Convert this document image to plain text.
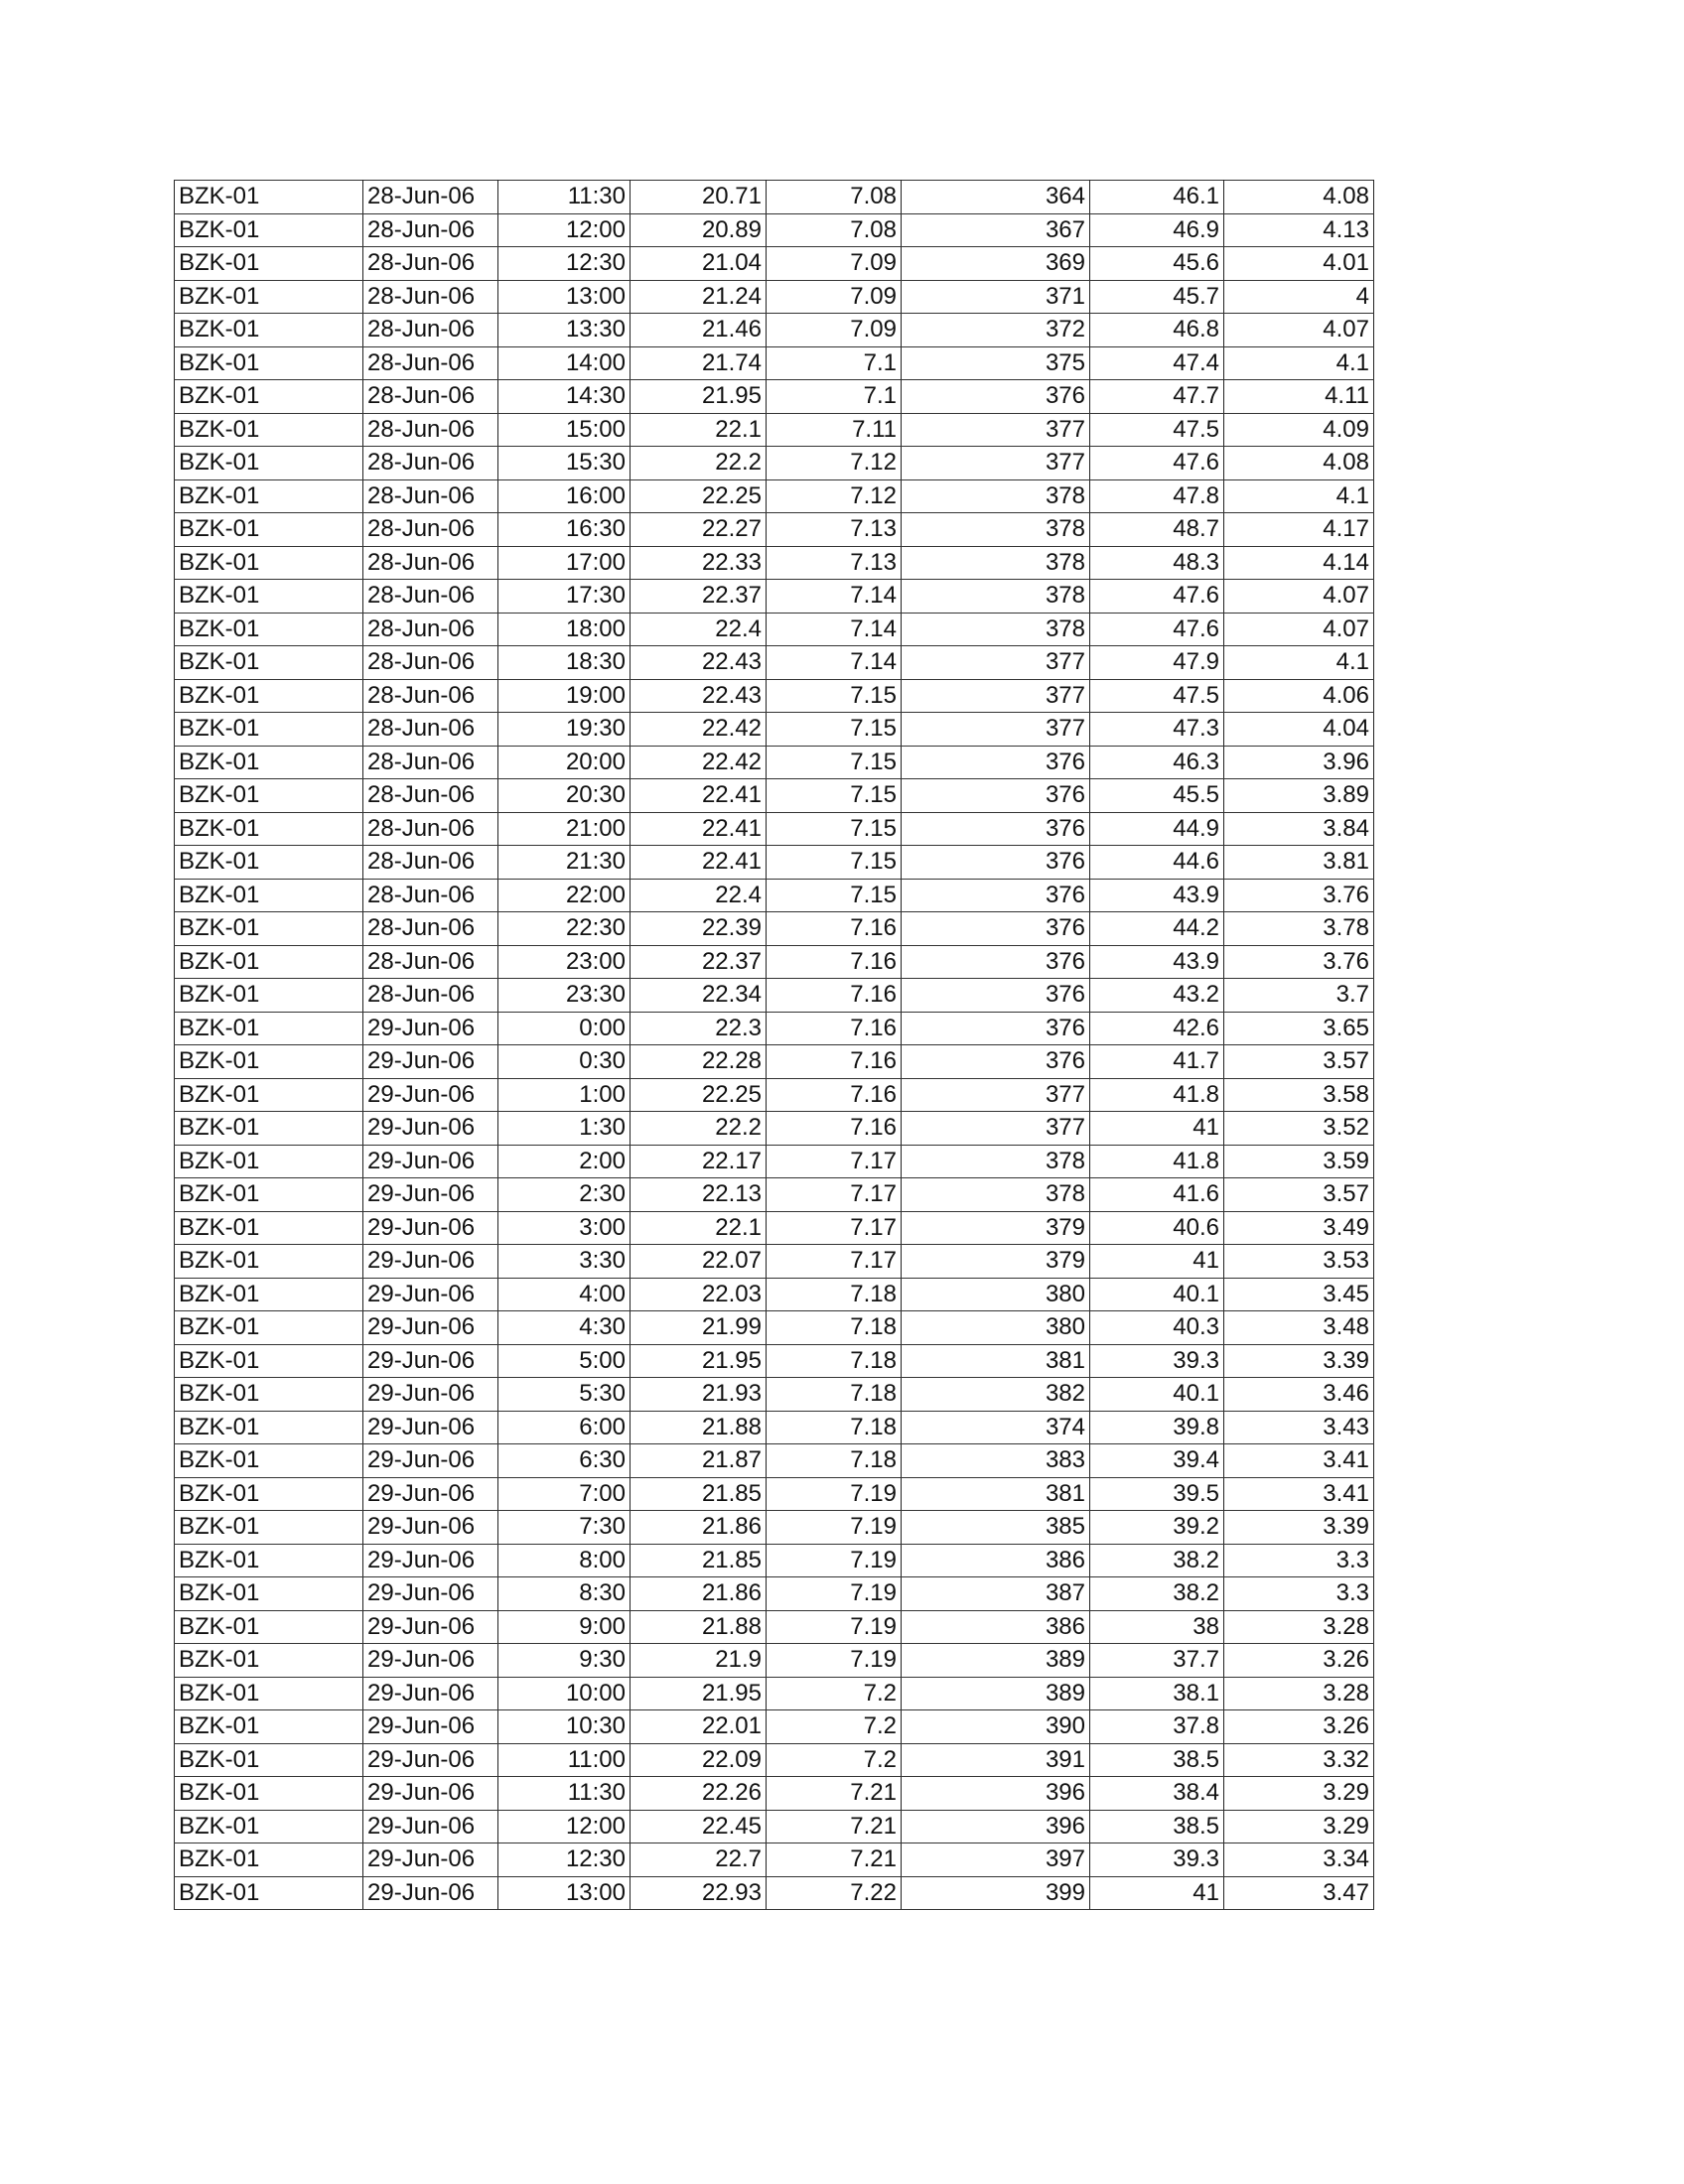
BZK-01	28-Jun-06	11:30	20.71	7.08	364	46.1	4.08
BZK-01	28-Jun-06	12:00	20.89	7.08	367	46.9	4.13
BZK-01	28-Jun-06	12:30	21.04	7.09	369	45.6	4.01
BZK-01	28-Jun-06	13:00	21.24	7.09	371	45.7	4
BZK-01	28-Jun-06	13:30	21.46	7.09	372	46.8	4.07
BZK-01	28-Jun-06	14:00	21.74	7.1	375	47.4	4.1
BZK-01	28-Jun-06	14:30	21.95	7.1	376	47.7	4.11
BZK-01	28-Jun-06	15:00	22.1	7.11	377	47.5	4.09
BZK-01	28-Jun-06	15:30	22.2	7.12	377	47.6	4.08
BZK-01	28-Jun-06	16:00	22.25	7.12	378	47.8	4.1
BZK-01	28-Jun-06	16:30	22.27	7.13	378	48.7	4.17
BZK-01	28-Jun-06	17:00	22.33	7.13	378	48.3	4.14
BZK-01	28-Jun-06	17:30	22.37	7.14	378	47.6	4.07
BZK-01	28-Jun-06	18:00	22.4	7.14	378	47.6	4.07
BZK-01	28-Jun-06	18:30	22.43	7.14	377	47.9	4.1
BZK-01	28-Jun-06	19:00	22.43	7.15	377	47.5	4.06
BZK-01	28-Jun-06	19:30	22.42	7.15	377	47.3	4.04
BZK-01	28-Jun-06	20:00	22.42	7.15	376	46.3	3.96
BZK-01	28-Jun-06	20:30	22.41	7.15	376	45.5	3.89
BZK-01	28-Jun-06	21:00	22.41	7.15	376	44.9	3.84
BZK-01	28-Jun-06	21:30	22.41	7.15	376	44.6	3.81
BZK-01	28-Jun-06	22:00	22.4	7.15	376	43.9	3.76
BZK-01	28-Jun-06	22:30	22.39	7.16	376	44.2	3.78
BZK-01	28-Jun-06	23:00	22.37	7.16	376	43.9	3.76
BZK-01	28-Jun-06	23:30	22.34	7.16	376	43.2	3.7
BZK-01	29-Jun-06	0:00	22.3	7.16	376	42.6	3.65
BZK-01	29-Jun-06	0:30	22.28	7.16	376	41.7	3.57
BZK-01	29-Jun-06	1:00	22.25	7.16	377	41.8	3.58
BZK-01	29-Jun-06	1:30	22.2	7.16	377	41	3.52
BZK-01	29-Jun-06	2:00	22.17	7.17	378	41.8	3.59
BZK-01	29-Jun-06	2:30	22.13	7.17	378	41.6	3.57
BZK-01	29-Jun-06	3:00	22.1	7.17	379	40.6	3.49
BZK-01	29-Jun-06	3:30	22.07	7.17	379	41	3.53
BZK-01	29-Jun-06	4:00	22.03	7.18	380	40.1	3.45
BZK-01	29-Jun-06	4:30	21.99	7.18	380	40.3	3.48
BZK-01	29-Jun-06	5:00	21.95	7.18	381	39.3	3.39
BZK-01	29-Jun-06	5:30	21.93	7.18	382	40.1	3.46
BZK-01	29-Jun-06	6:00	21.88	7.18	374	39.8	3.43
BZK-01	29-Jun-06	6:30	21.87	7.18	383	39.4	3.41
BZK-01	29-Jun-06	7:00	21.85	7.19	381	39.5	3.41
BZK-01	29-Jun-06	7:30	21.86	7.19	385	39.2	3.39
BZK-01	29-Jun-06	8:00	21.85	7.19	386	38.2	3.3
BZK-01	29-Jun-06	8:30	21.86	7.19	387	38.2	3.3
BZK-01	29-Jun-06	9:00	21.88	7.19	386	38	3.28
BZK-01	29-Jun-06	9:30	21.9	7.19	389	37.7	3.26
BZK-01	29-Jun-06	10:00	21.95	7.2	389	38.1	3.28
BZK-01	29-Jun-06	10:30	22.01	7.2	390	37.8	3.26
BZK-01	29-Jun-06	11:00	22.09	7.2	391	38.5	3.32
BZK-01	29-Jun-06	11:30	22.26	7.21	396	38.4	3.29
BZK-01	29-Jun-06	12:00	22.45	7.21	396	38.5	3.29
BZK-01	29-Jun-06	12:30	22.7	7.21	397	39.3	3.34
BZK-01	29-Jun-06	13:00	22.93	7.22	399	41	3.47
